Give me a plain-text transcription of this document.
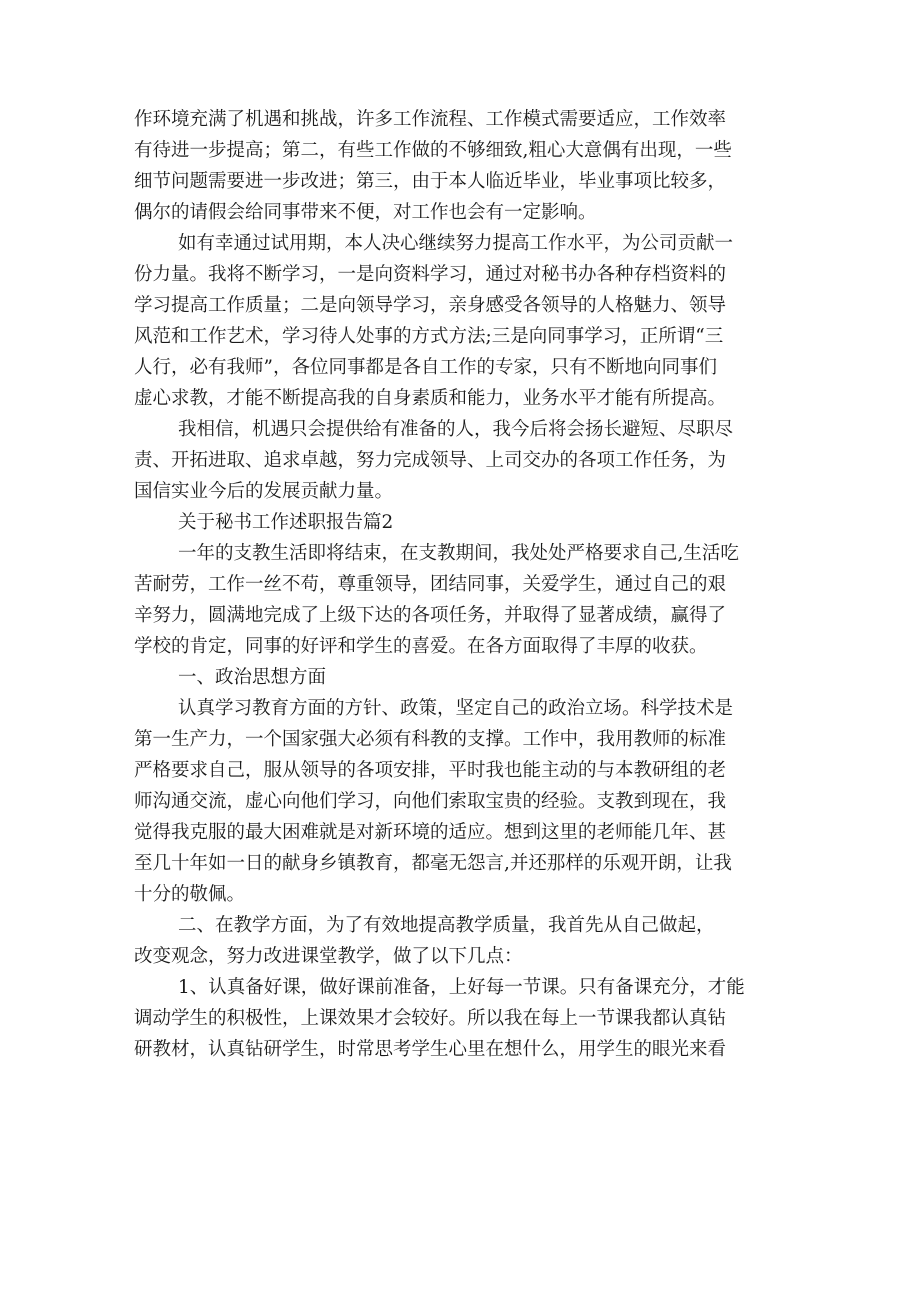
作环境充满了机遇和挑战，许多工作流程、工作模式需要适应，工作效率
有待进一步提高；第二，有些工作做的不够细致,粗心大意偶有出现，一些
细节问题需要进一步改进；第三，由于本人临近毕业，毕业事项比较多，
偶尔的请假会给同事带来不便，对工作也会有一定影响。
如有幸通过试用期，本人决心继续努力提高工作水平，为公司贡献一
份力量。我将不断学习，一是向资料学习，通过对秘书办各种存档资料的
学习提高工作质量；二是向领导学习，亲身感受各领导的人格魅力、领导
风范和工作艺术，学习待人处事的方式方法;三是向同事学习，正所谓“三
人行，必有我师”，各位同事都是各自工作的专家，只有不断地向同事们
虚心求教，才能不断提高我的自身素质和能力，业务水平才能有所提高。
我相信，机遇只会提供给有准备的人，我今后将会扬长避短、尽职尽
责、开拓进取、追求卓越，努力完成领导、上司交办的各项工作任务，为
国信实业今后的发展贡献力量。
关于秘书工作述职报告篇2
一年的支教生活即将结束，在支教期间，我处处严格要求自己,生活吃
苦耐劳，工作一丝不苟，尊重领导，团结同事，关爱学生，通过自己的艰
辛努力，圆满地完成了上级下达的各项任务，并取得了显著成绩，赢得了
学校的肯定，同事的好评和学生的喜爱。在各方面取得了丰厚的收获。
一、政治思想方面
认真学习教育方面的方针、政策，坚定自己的政治立场。科学技术是
第一生产力，一个国家强大必须有科教的支撑。工作中，我用教师的标准
严格要求自己，服从领导的各项安排，平时我也能主动的与本教研组的老
师沟通交流，虚心向他们学习，向他们索取宝贵的经验。支教到现在，我
觉得我克服的最大困难就是对新环境的适应。想到这里的老师能几年、甚
至几十年如一日的献身乡镇教育，都毫无怨言,并还那样的乐观开朗，让我
十分的敬佩。
二、在教学方面，为了有效地提高教学质量，我首先从自己做起，
改变观念，努力改进课堂教学，做了以下几点：
1、认真备好课，做好课前准备，上好每一节课。只有备课充分，才能
调动学生的积极性，上课效果才会较好。所以我在每上一节课我都认真钻
研教材，认真钻研学生，时常思考学生心里在想什么，用学生的眼光来看
